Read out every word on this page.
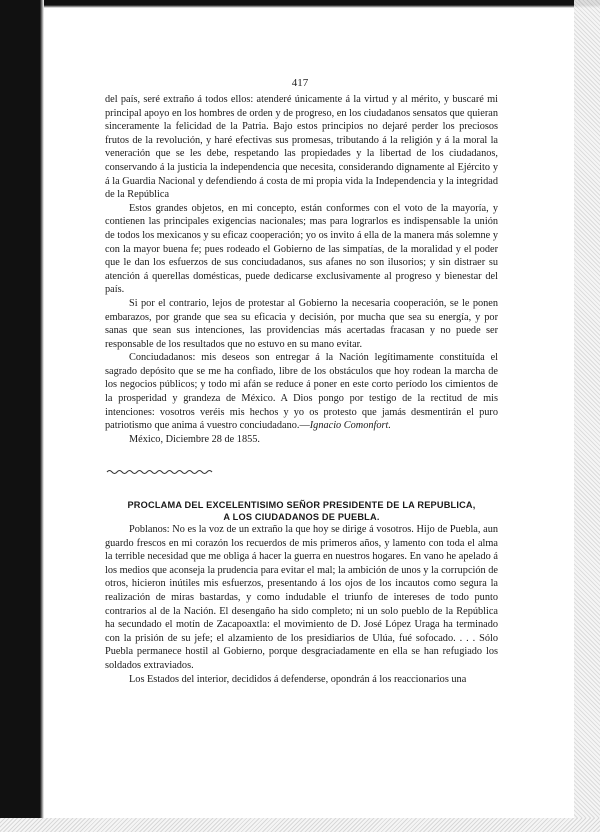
417

del país, seré extraño á todos ellos: atenderé únicamente á la virtud y al mérito, y buscaré mi principal apoyo en los hombres de orden y de progreso, en los ciudadanos sensatos que quieran sinceramente la felicidad de la Patria. Bajo estos principios no dejaré perder los preciosos frutos de la revolución, y haré efectivas sus promesas, tributando á la religión y á la moral la veneración que se les debe, respetando las propiedades y la libertad de los ciudadanos, conservando á la justicia la independencia que necesita, considerando dignamente al Ejército y á la Guardia Nacional y defendiendo á costa de mi propia vida la Independencia y la integridad de la República

Estos grandes objetos, en mi concepto, están conformes con el voto de la mayoría, y contienen las principales exigencias nacionales; mas para lograrlos es indispensable la unión de todos los mexicanos y su eficaz cooperación; yo os invito á ella de la manera más solemne y con la mayor buena fe; pues rodeado el Gobierno de las simpatías, de la moralidad y el poder que le dan los esfuerzos de sus conciudadanos, sus afanes no son ilusorios; y sin distraer su atención á querellas domésticas, puede dedicarse exclusivamente al progreso y bienestar del país.

Si por el contrario, lejos de protestar al Gobierno la necesaria cooperación, se le ponen embarazos, por grande que sea su eficacia y decisión, por mucha que sea su energía, y por sanas que sean sus intenciones, las providencias más acertadas fracasan y no puede ser responsable de los resultados que no estuvo en su mano evitar.

Conciudadanos: mis deseos son entregar á la Nación legítimamente constituída el sagrado depósito que se me ha confiado, libre de los obstáculos que hoy rodean la marcha de los negocios públicos; y todo mi afán se reduce á poner en este corto período los cimientos de la prosperidad y grandeza de México. A Dios pongo por testigo de la rectitud de mis intenciones: vosotros veréis mis hechos y yo os protesto que jamás desmentirán el puro patriotismo que anima á vuestro conciudadano.—Ignacio Comonfort.

México, Diciembre 28 de 1855.

PROCLAMA DEL EXCELENTISIMO SEÑOR PRESIDENTE DE LA REPUBLICA,
A LOS CIUDADANOS DE PUEBLA.

Poblanos: No es la voz de un extraño la que hoy se dirige á vosotros. Hijo de Puebla, aun guardo frescos en mi corazón los recuerdos de mis primeros años, y lamento con toda el alma la terrible necesidad que me obliga á hacer la guerra en nuestros hogares. En vano he apelado á los medios que aconseja la prudencia para evitar el mal; la ambición de unos y la corrupción de otros, hicieron inútiles mis esfuerzos, presentando á los ojos de los incautos como segura la realización de miras bastardas, y como indudable el triunfo de intereses de todo punto contrarios al de la Nación. El desengaño ha sido completo; ni un solo pueblo de la República ha secundado el motín de Zacapoaxtla: el movimiento de D. José López Uraga ha terminado con la prisión de su jefe; el alzamiento de los presidiarios de Ulúa, fué sofocado. . . . Sólo Puebla permanece hostil al Gobierno, porque desgraciadamente en ella se han refugiado los soldados extraviados.

Los Estados del interior, decididos á defenderse, opondrán á los reaccionarios una
